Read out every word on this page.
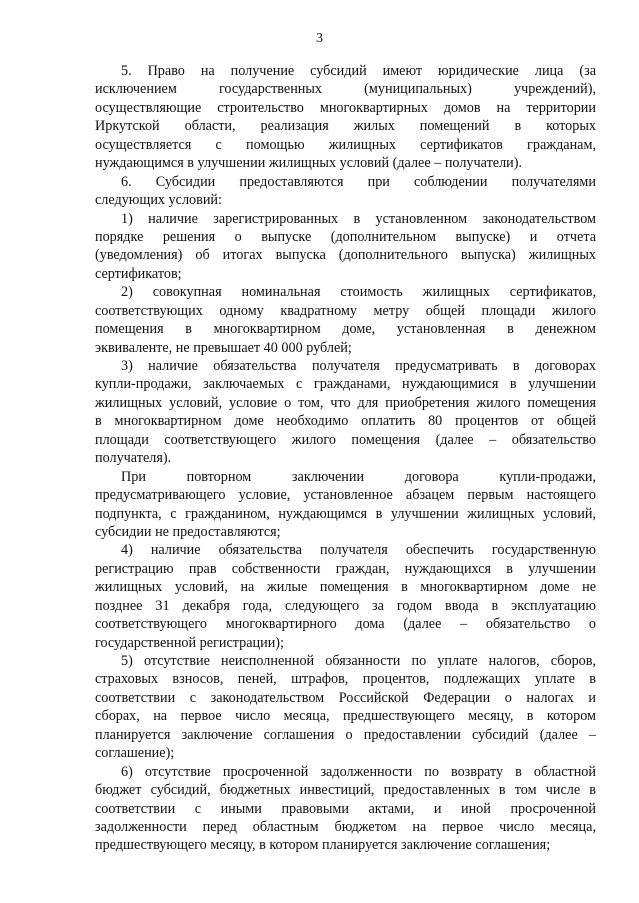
3
5. Право на получение субсидий имеют юридические лица (за
исключением государственных (муниципальных) учреждений),
осуществляющие строительство многоквартирных домов на территории
Иркутской области, реализация жилых помещений в которых
осуществляется с помощью жилищных сертификатов гражданам,
нуждающимся в улучшении жилищных условий (далее – получатели).
6. Субсидии предоставляются при соблюдении получателями
следующих условий:
1) наличие зарегистрированных в установленном законодательством
порядке решения о выпуске (дополнительном выпуске) и отчета
(уведомления) об итогах выпуска (дополнительного выпуска) жилищных
сертификатов;
2) совокупная номинальная стоимость жилищных сертификатов,
соответствующих одному квадратному метру общей площади жилого
помещения в многоквартирном доме, установленная в денежном
эквиваленте, не превышает 40 000 рублей;
3) наличие обязательства получателя предусматривать в договорах
купли-продажи, заключаемых с гражданами, нуждающимися в улучшении
жилищных условий, условие о том, что для приобретения жилого помещения
в многоквартирном доме необходимо оплатить 80 процентов от общей
площади соответствующего жилого помещения (далее – обязательство
получателя).
При повторном заключении договора купли-продажи,
предусматривающего условие, установленное абзацем первым настоящего
подпункта, с гражданином, нуждающимся в улучшении жилищных условий,
субсидии не предоставляются;
4) наличие обязательства получателя обеспечить государственную
регистрацию прав собственности граждан, нуждающихся в улучшении
жилищных условий, на жилые помещения в многоквартирном доме не
позднее 31 декабря года, следующего за годом ввода в эксплуатацию
соответствующего многоквартирного дома (далее – обязательство о
государственной регистрации);
5) отсутствие неисполненной обязанности по уплате налогов, сборов,
страховых взносов, пеней, штрафов, процентов, подлежащих уплате в
соответствии с законодательством Российской Федерации о налогах и
сборах, на первое число месяца, предшествующего месяцу, в котором
планируется заключение соглашения о предоставлении субсидий (далее –
соглашение);
6) отсутствие просроченной задолженности по возврату в областной
бюджет субсидий, бюджетных инвестиций, предоставленных в том числе в
соответствии с иными правовыми актами, и иной просроченной
задолженности перед областным бюджетом на первое число месяца,
предшествующего месяцу, в котором планируется заключение соглашения;
